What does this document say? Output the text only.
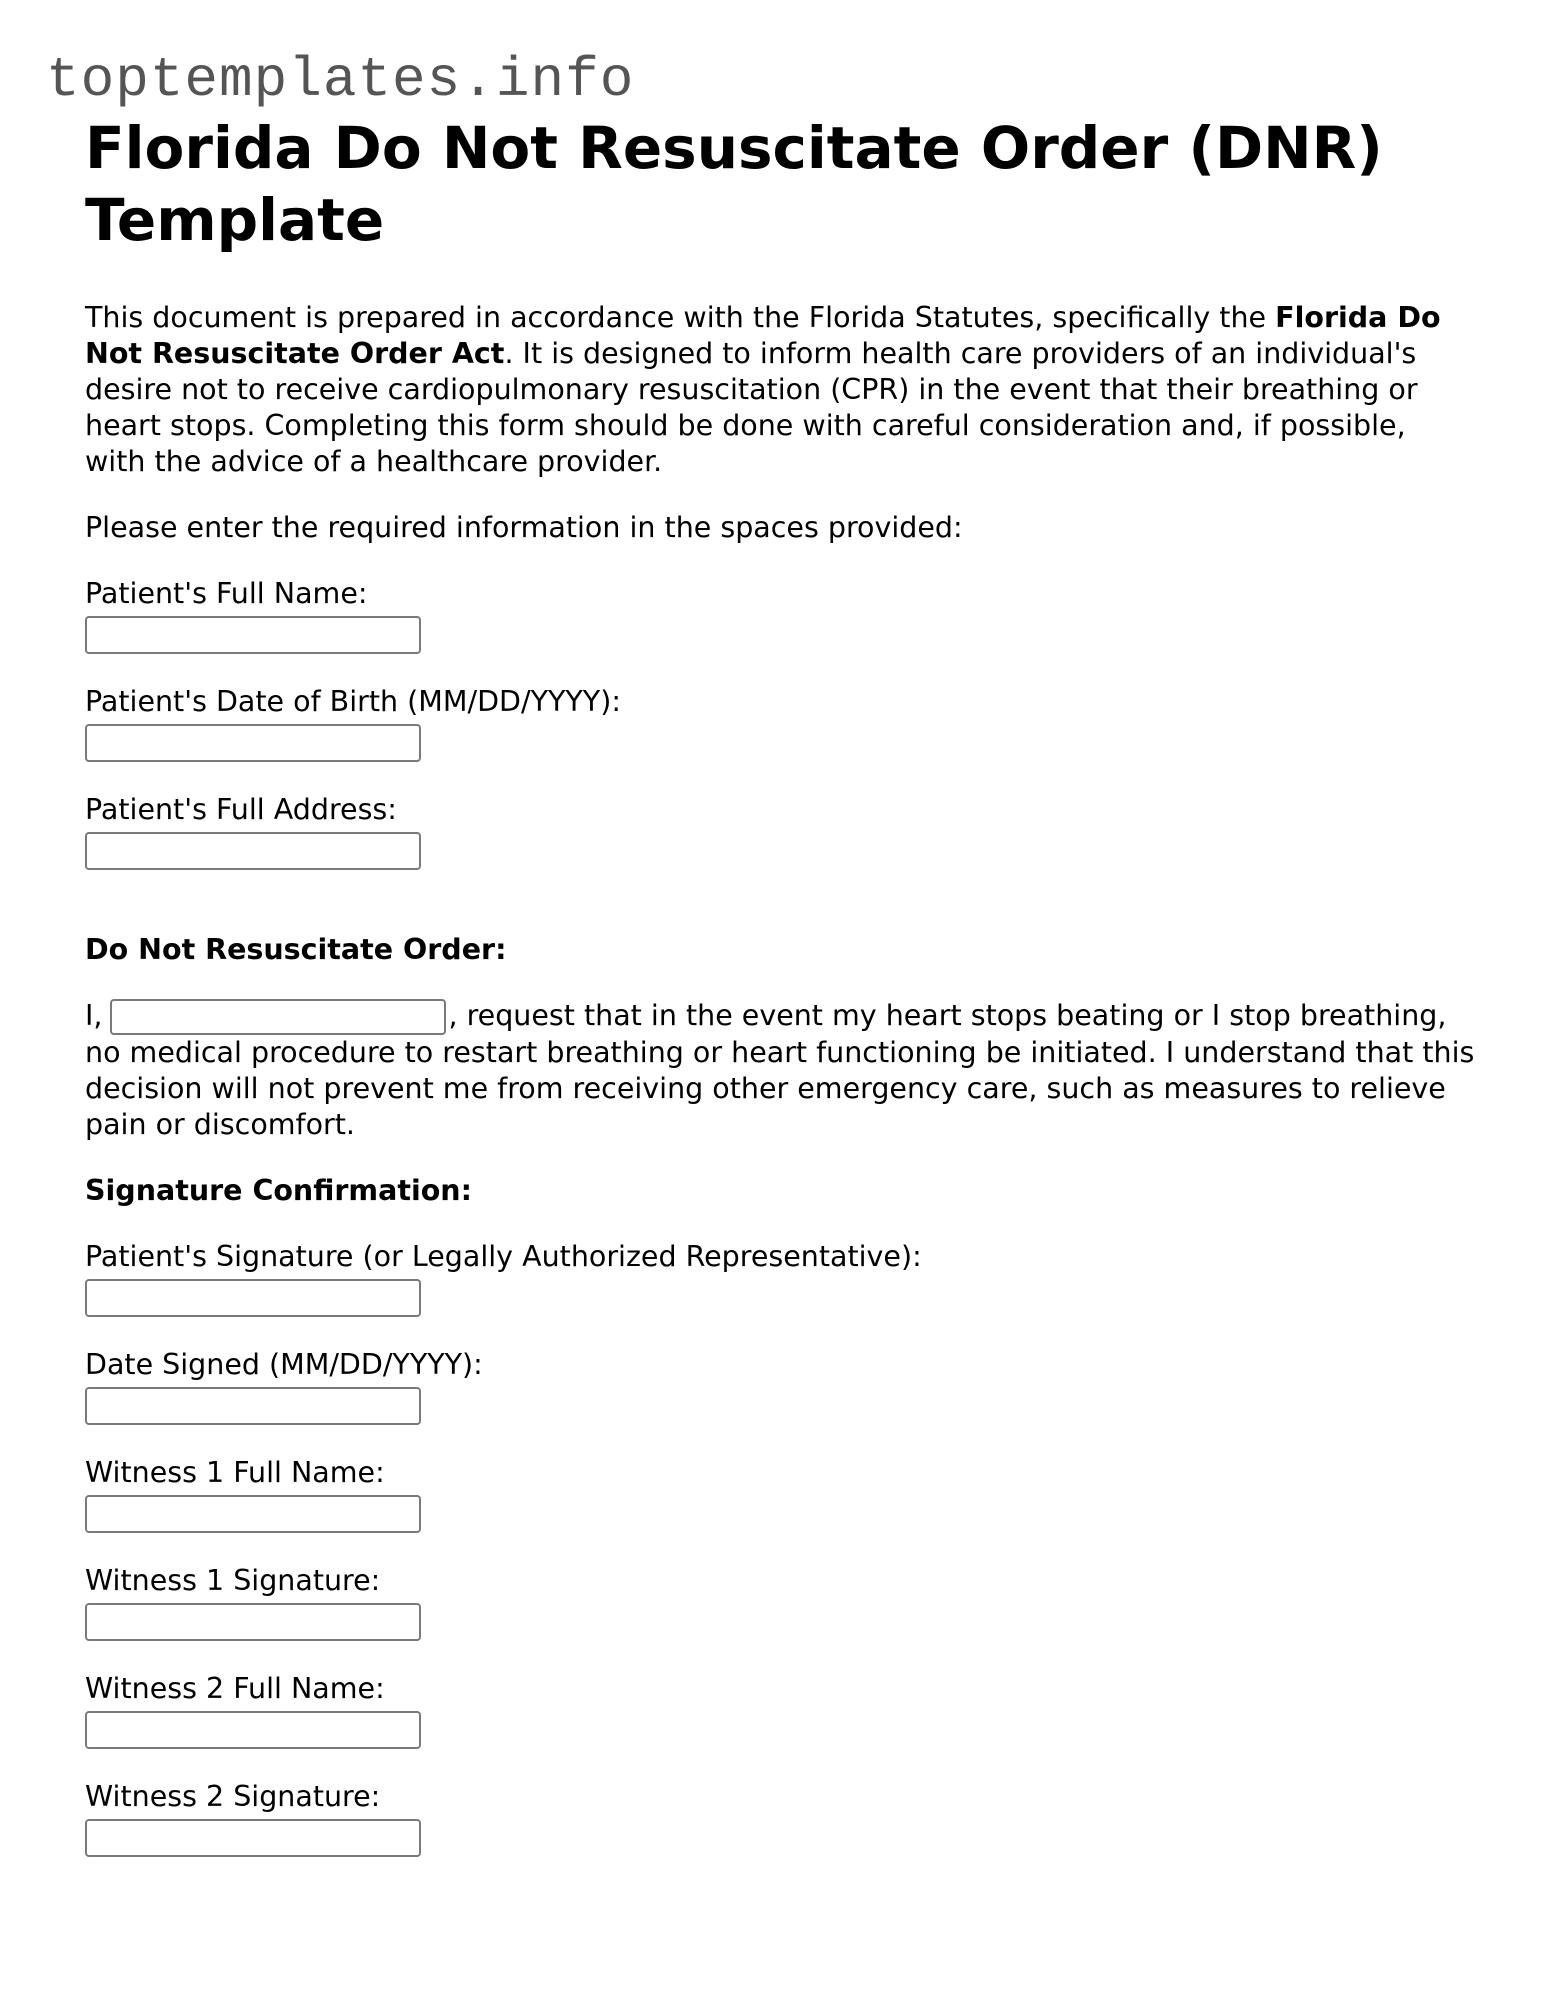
toptemplates.info
Florida Do Not Resuscitate Order (DNR) Template

This document is prepared in accordance with the Florida Statutes, specifically the Florida Do Not Resuscitate Order Act. It is designed to inform health care providers of an individual's desire not to receive cardiopulmonary resuscitation (CPR) in the event that their breathing or heart stops. Completing this form should be done with careful consideration and, if possible, with the advice of a healthcare provider.

Please enter the required information in the spaces provided:

Patient's Full Name:
Patient's Date of Birth (MM/DD/YYYY):
Patient's Full Address:
Do Not Resuscitate Order:

I,	, request that in the event my heart stops beating or I stop breathing, no medical procedure to restart breathing or heart functioning be initiated. I understand that this decision will not prevent me from receiving other emergency care, such as measures to relieve pain or discomfort.

Signature Confirmation:
Patient's Signature (or Legally Authorized Representative):
Date Signed (MM/DD/YYYY):
Witness 1 Full Name:
Witness 1 Signature:
Witness 2 Full Name:
Witness 2 Signature:
